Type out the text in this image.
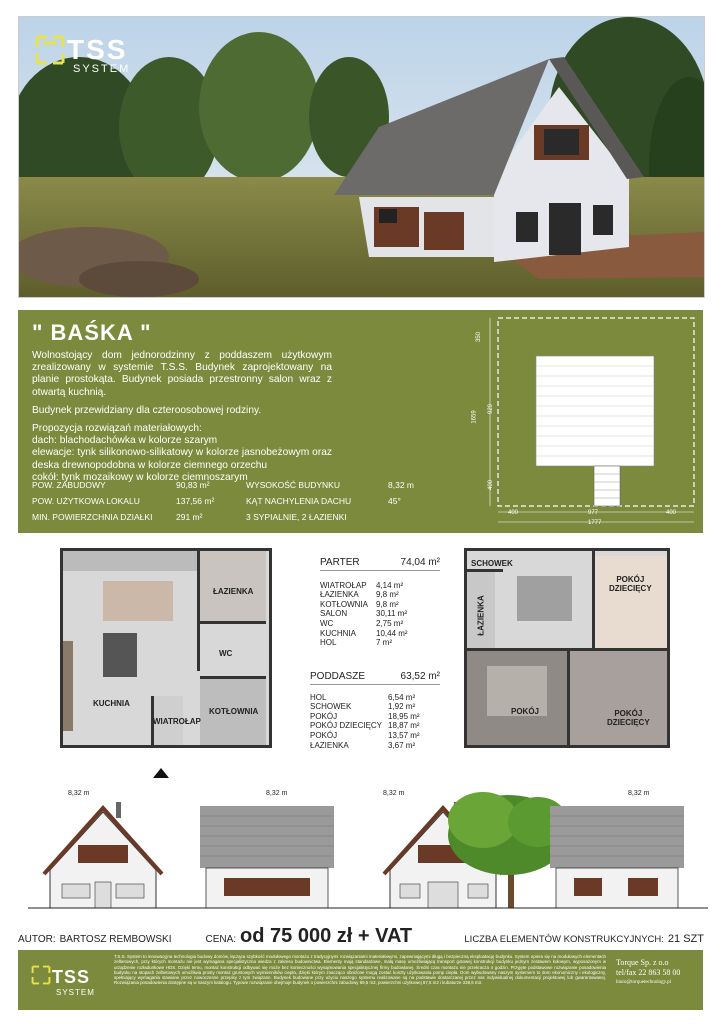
TSS
SYSTEM
" BAŚKA "

Wolnostojący dom jednorodzinny z poddaszem użytkowym zrealizowany w systemie T.S.S. Budynek zaprojektowany na planie prostokąta. Budynek posiada przestronny salon wraz z otwartą kuchnią.

Budynek przewidziany dla czteroosobowej rodziny.

Propozycja rozwiązań materiałowych:
dach: blachodachówka w kolorze szarym
elewacje: tynk silikonowo-silikatowy w kolorze jasnobeżowym oraz deska drewnopodobna w kolorze ciemnego orzechu
cokół: tynk mozaikowy w kolorze ciemnoszarym
POW. ZABUDOWY	90,83 m²
POW. UŻYTKOWA LOKALU	137,56 m²
MIN. POWIERZCHNIA DZIAŁKI	291 m²
WYSOKOŚĆ BUDYNKU	8,32 m
KĄT NACHYLENIA DACHU	45°
3 SYPIALNIE, 2 ŁAZIENKI
350
929
1659
400
400	977	400
1777
ŁAZIENKA
WC
KUCHNIA
WIATROŁAP
KOTŁOWNIA
PARTER	74,04 m²
WIATROŁAP	4,14 m²
ŁAZIENKA	9,8 m²
KOTŁOWNIA 9,8 m²
SALON	30,11 m²
WC	2,75 m²
KUCHNIA	10,44 m²
HOL	7 m²
PODDASZE	63,52 m²
HOL	6,54 m²
SCHOWEK	1,92 m²
POKÓJ	18,95 m²
POKÓJ DZIECIĘCY 18,87 m²
POKÓJ	13,57 m²
ŁAZIENKA	3,67 m²
SCHOWEK
POKÓJ
DZIECIĘCY
ŁAZIENKA
POKÓJ	POKÓJ
DZIECIĘCY
8,32 m	8,32 m	8,32 m	8,32 m
AUTOR: BARTOSZ REMBOWSKI	CENA: od 75 000 zł + VAT	LICZBA ELEMENTÓW KONSTRUKCYJNYCH: 21 SZT
TSS
SYSTEM
T.S.S. System to innowacyjna technologia budowy domów, łącząca szybkość modułowego montażu z tradycyjnymi rozwiązaniami materiałowymi, zapewniającymi długą i bezpieczną eksploatację budynku. System opiera się na modułowych elementach żelbetowych, przy których montażu nie jest wymagana specjalistyczna wiedza z zakresu budownictwa. Elementy mają standardowe, małą masę umożliwiającą transport gotowej konstrukcji budynku jednym zestawem kołowym, wyposażonym w urządzenie rozładunkowe HDS. Dzięki temu, montaż konstrukcji odbywać się może bez konieczności wynajmowania specjalistycznej firmy budowlanej. Średni czas montażu nie przekracza 4 godzin. Przyjęte podstawowe rozwiązanie posadowienia budynku na stopach żelbetowych umożliwia prosty montaż gruntowych wymienników ciepła, dzięki którym znacząco obniżone mogą zostać koszty użytkowania pomp ciepła. Dom wybudowany naszym systemem to dom ekonomiczny i ekologiczny, spełniający wymagania stawiane przez nowoczesne przepisy z tym związane. Budynek budowane przy użyciu naszego systemu realizowane są na podstawie dostarczanej przez nas indywidualnej dokumentacji projektowej lub gwarantowanej. Rozwiązania posadowienia dostępne są w naszym katalogu. Typowe rozwiązanie obejmuje budynek o powierzchni zabudowy 69,5 m2, powierzchni użytkowej 87,5 m2 i kubaturze 338,6 m3.
Torque Sp. z o.o
tel/fax 22 863 58 00
biuro@torquetechnology.pl
